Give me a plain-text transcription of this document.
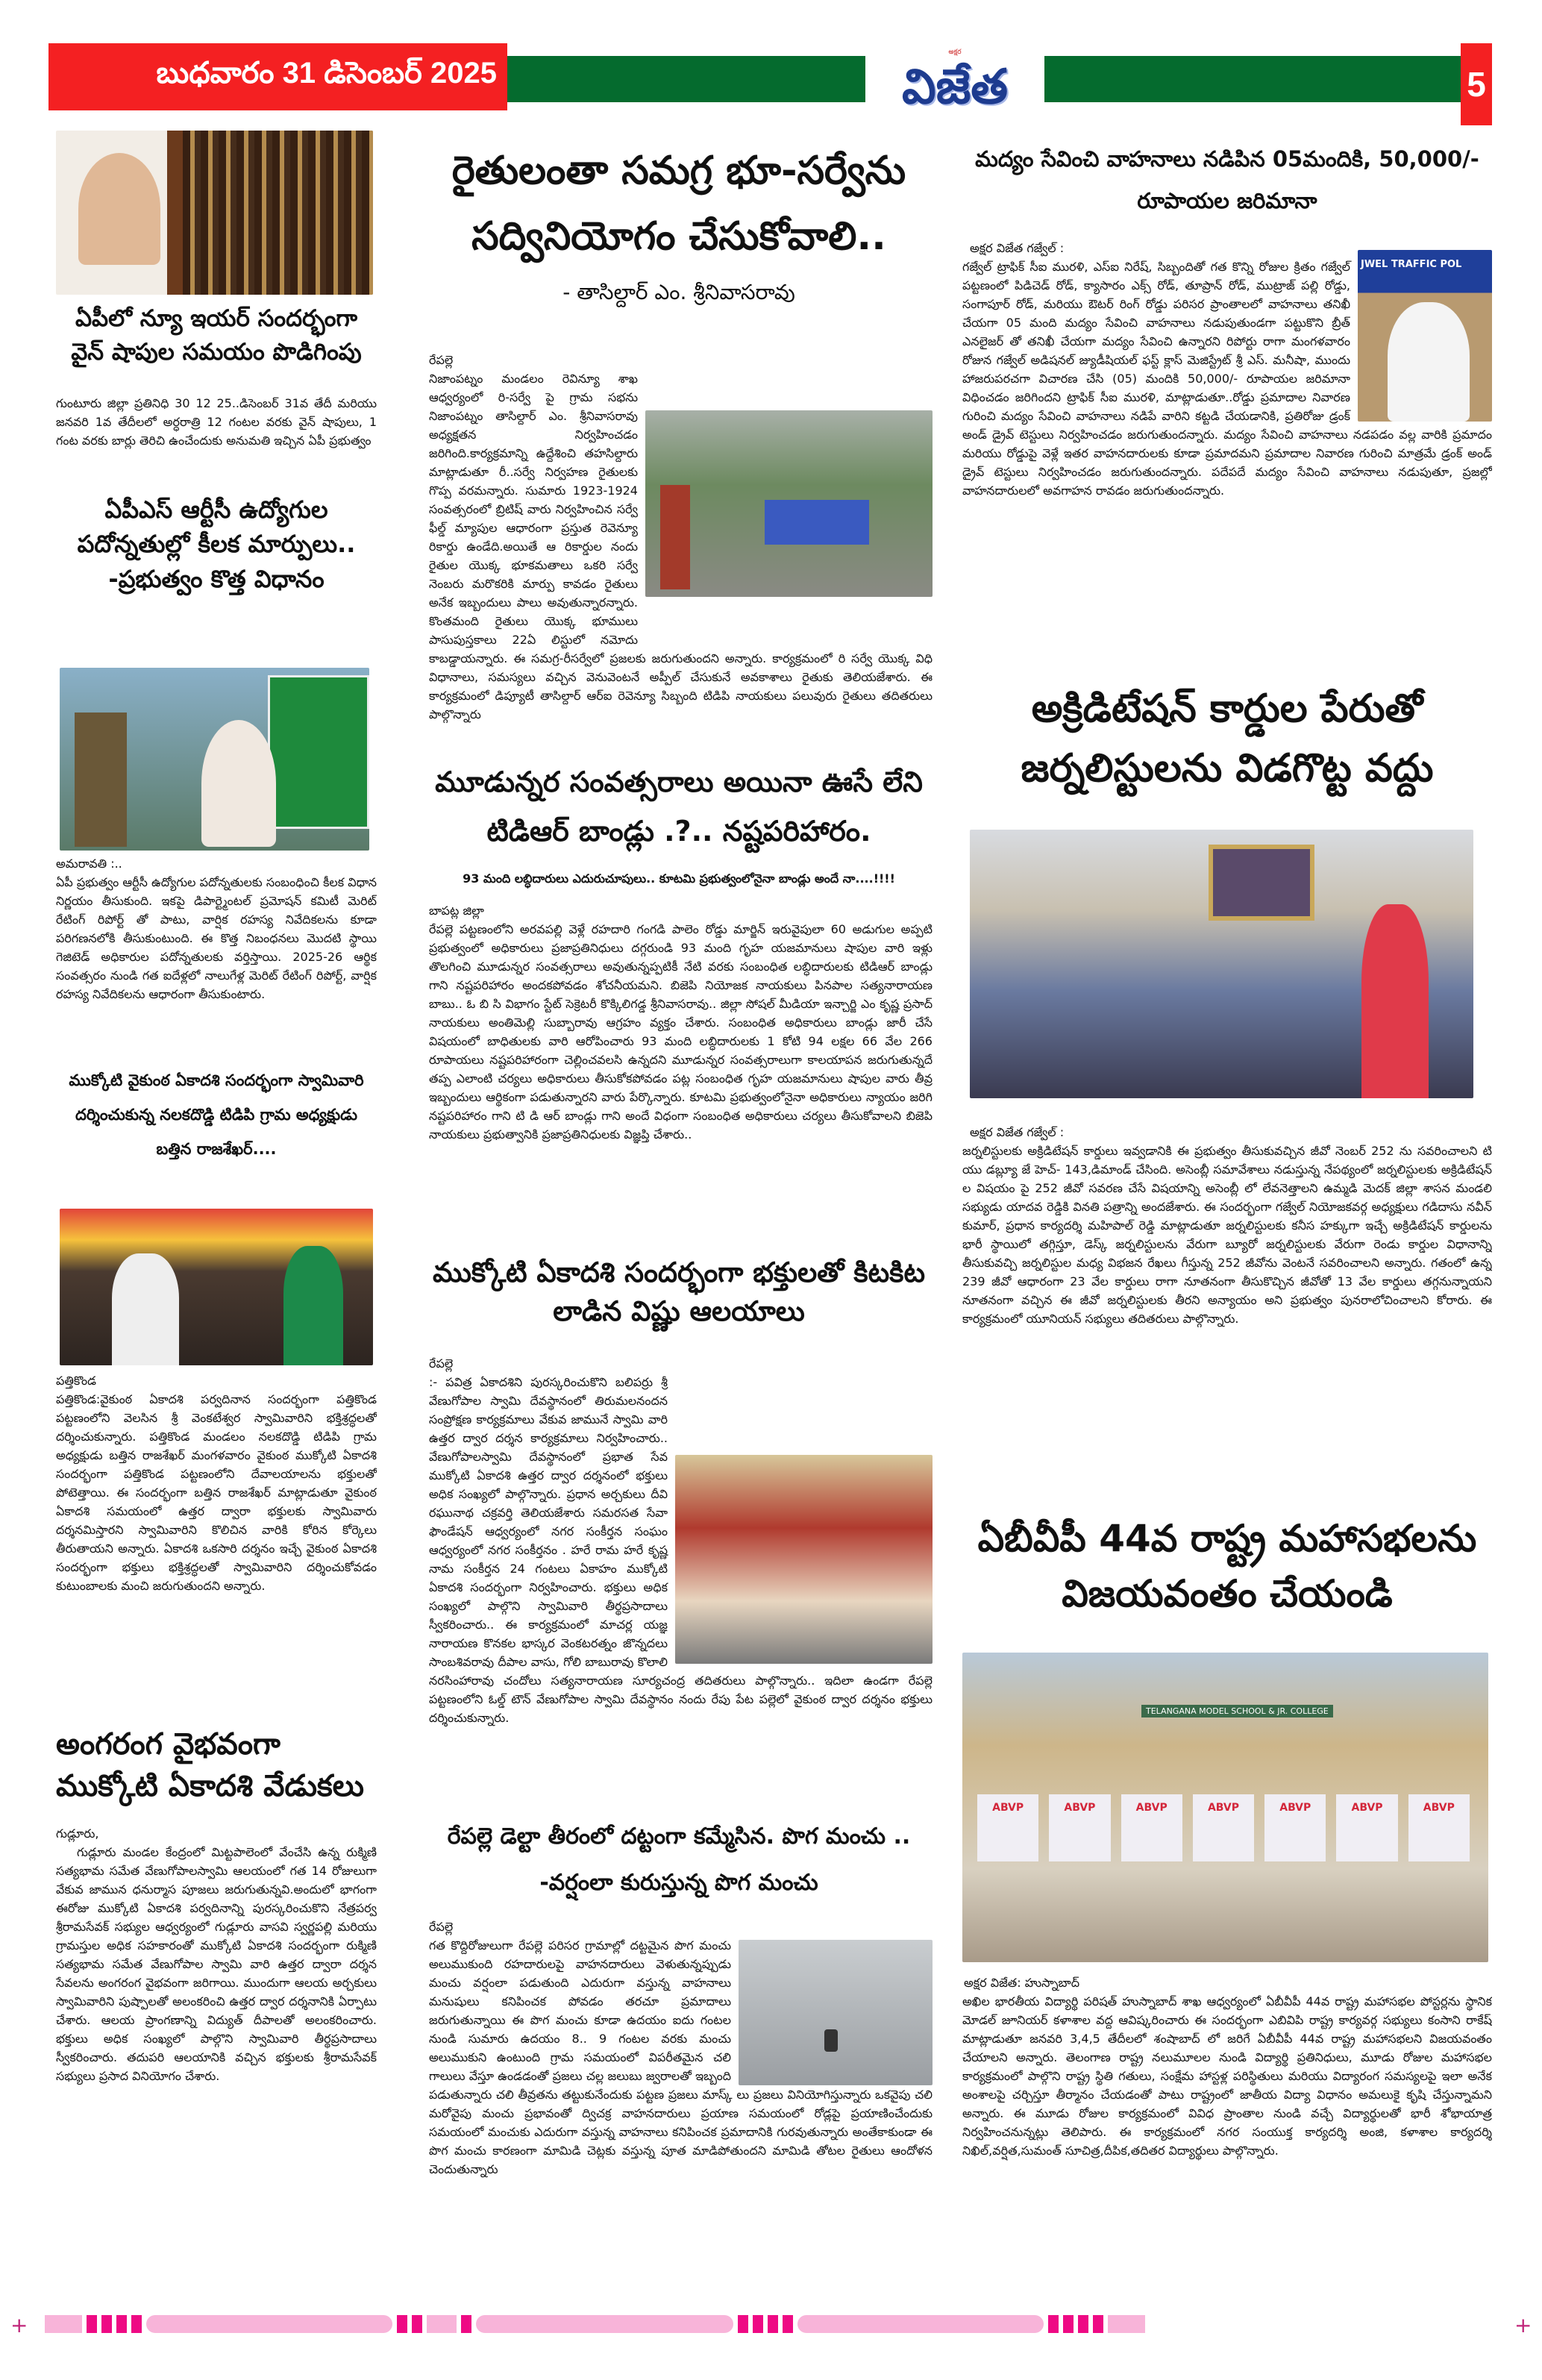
బుధవారం 31 డిసెంబర్ 2025
అక్షర
విజేత	5
ఏపీలో న్యూ ఇయర్ సందర్భంగా వైన్ షాపుల సమయం పొడిగింపు
గుంటూరు జిల్లా ప్రతినిధి 30 12 25..డిసెంబర్ 31వ తేదీ మరియు జనవరి 1వ తేదీలలో అర్ధరాత్రి 12 గంటల వరకు వైన్ షాపులు, 1 గంట వరకు బార్లు తెరిచి ఉంచేందుకు అనుమతి ఇచ్చిన ఏపీ ప్రభుత్వం
ఏపీఎస్ ఆర్టీసీ ఉద్యోగుల పదోన్నతుల్లో కీలక మార్పులు.. -ప్రభుత్వం కొత్త విధానం
అమరావతి :..
ఏపీ ప్రభుత్వం ఆర్టీసీ ఉద్యోగుల పదోన్నతులకు సంబంధించి కీలక విధాన నిర్ణయం తీసుకుంది. ఇకపై డిపార్ట్మెంటల్ ప్రమోషన్ కమిటీ మెరిట్ రేటింగ్ రిపోర్ట్ తో పాటు, వార్షిక రహస్య నివేదికలను కూడా పరిగణనలోకి తీసుకుంటుంది. ఈ కొత్త నిబంధనలు మొదటి స్థాయి గెజిటెడ్ అధికారుల పదోన్నతులకు వర్తిస్తాయి. 2025-26 ఆర్థిక సంవత్సరం నుండి గత ఐదేళ్లలో నాలుగేళ్ల మెరిట్ రేటింగ్ రిపోర్ట్, వార్షిక రహస్య నివేదికలను ఆధారంగా తీసుకుంటారు.
ముక్కోటి వైకుంఠ ఏకాదశి సందర్భంగా స్వామివారి దర్శించుకున్న నలకదొడ్డి టిడిపి గ్రామ అధ్యక్షుడు బత్తిన రాజశేఖర్....
పత్తికొండ
పత్తికొండ:వైకుంఠ ఏకాదశి పర్వదినాన సందర్భంగా పత్తికొండ పట్టణంలోని వెలసిన శ్రీ వెంకటేశ్వర స్వామివారిని భక్తిశ్రద్ధలతో దర్శించుకున్నారు. పత్తికొండ మండలం నలకదొడ్డి టిడిపి గ్రామ అధ్యక్షుడు బత్తిన రాజశేఖర్ మంగళవారం వైకుంఠ ముక్కోటి ఏకాదశి సందర్భంగా పత్తికొండ పట్టణంలోని దేవాలయాలను భక్తులతో పోటెత్తాయి. ఈ సందర్భంగా బత్తిన రాజశేఖర్ మాట్లాడుతూ వైకుంఠ ఏకాదశి సమయంలో ఉత్తర ద్వారా భక్తులకు స్వామివారు దర్శనమిస్తారని స్వామివారిని కొలిచిన వారికి కోరిన కోర్కెలు తీరుతాయని అన్నారు. ఏకాదశి ఒకసారి దర్శనం ఇచ్చే వైకుంఠ ఏకాదశి సందర్భంగా భక్తులు భక్తిశ్రద్ధలతో స్వామివారిని దర్శించుకోవడం కుటుంబాలకు మంచి జరుగుతుందని అన్నారు.
అంగరంగ వైభవంగా ముక్కోటి ఏకాదశి వేడుకలు
గుడ్లూరు,
గుడ్లూరు మండల కేంద్రంలో మిట్టపాలెంలో వేంచేసి ఉన్న రుక్మిణి సత్యభామ సమేత వేణుగోపాలస్వామి ఆలయంలో గత 14 రోజులుగా వేకువ జామున ధనుర్మాస పూజలు జరుగుతున్నవి.అందులో భాగంగా ఈరోజు ముక్కోటి ఏకాదశి పర్వదినాన్ని పురస్కరించుకొని నేత్రపర్వ శ్రీరామసేవక్ సభ్యుల ఆధ్వర్యంలో గుడ్లూరు వాసవి స్వర్ణపల్లి మరియు గ్రామస్తుల అధిక సహకారంతో ముక్కోటి ఏకాదశి సందర్భంగా రుక్మిణి సత్యభామ సమేత వేణుగోపాల స్వామి వారి ఉత్తర ద్వారా దర్శన సేవలను అంగరంగ వైభవంగా జరిగాయి. ముందుగా ఆలయ అర్చకులు స్వామివారిని పుష్పాలతో అలంకరించి ఉత్తర ద్వార దర్శనానికి ఏర్పాటు చేశారు. ఆలయ ప్రాంగణాన్ని విద్యుత్ దీపాలతో అలంకరించారు. భక్తులు అధిక సంఖ్యలో పాల్గొని స్వామివారి తీర్థప్రసాదాలు స్వీకరించారు. తదుపరి ఆలయానికి వచ్చిన భక్తులకు శ్రీరామసేవక్ సభ్యులు ప్రసాద వినియోగం చేశారు.
రైతులంతా సమగ్ర భూ-సర్వేను సద్వినియోగం చేసుకోవాలి..
- తాసిల్దార్ ఎం. శ్రీనివాసరావు
రేపల్లె
నిజాంపట్నం మండలం రెవిన్యూ శాఖ ఆధ్వర్యంలో రి-సర్వే పై గ్రామ సభను నిజాంపట్నం తాసిల్దార్ ఎం. శ్రీనివాసరావు అధ్యక్షతన నిర్వహించడం జరిగింది.కార్యక్రమాన్ని ఉద్దేశించి తహసిల్దారు మాట్లాడుతూ రీ..సర్వే నిర్వహణ రైతులకు గొప్ప వరమన్నారు. సుమారు 1923-1924 సంవత్సరంలో బ్రిటిష్ వారు నిర్వహించిన సర్వే ఫీల్డ్ మ్యాపుల ఆధారంగా ప్రస్తుత రెవెన్యూ రికార్డు ఉండేది.అయితే ఆ రికార్డుల నందు రైతుల యొక్క భూకమతాలు ఒకరి సర్వే నెంబరు మరొకరికి మార్పు కావడం రైతులు అనేక ఇబ్బందులు పాలు అవుతున్నారన్నారు. కొంతమంది రైతులు యొక్క భూములు పాసుపుస్తకాలు 22ఏ లిస్టులో నమోదు కాబడ్డాయన్నారు. ఈ సమగ్ర-రీసర్వేలో ప్రజలకు జరుగుతుందని అన్నారు. కార్యక్రమంలో రి సర్వే యొక్క విధి విధానాలు, సమస్యలు వచ్చిన వెనువెంటనే అప్పీల్ చేసుకునే అవకాశాలు రైతుకు తెలియజేశారు. ఈ కార్యక్రమంలో డిప్యూటీ తాసిల్దార్ ఆర్ఐ రెవెన్యూ సిబ్బంది టిడిపి నాయకులు పలువురు రైతులు తదితరులు పాల్గొన్నారు
మూడున్నర సంవత్సరాలు అయినా ఊసే లేని టిడిఆర్ బాండ్లు .?.. నష్టపరిహారం.
93 మంది లబ్ధిదారులు ఎదురుచూపులు.. కూటమి ప్రభుత్వంలోనైనా బాండ్లు అందే నా....!!!!
బాపట్ల జిల్లా
రేపల్లె పట్టణంలోని అరవపల్లి వెళ్లే రహదారి గంగడి పాలెం రోడ్డు మార్జిన్ ఇరువైపులా 60 అడుగుల అప్పటి ప్రభుత్వంలో అధికారులు ప్రజాప్రతినిధులు దగ్గరుండి 93 మంది గృహ యజమానులు షాపుల వారి ఇళ్లు తొలగించి మూడున్నర సంవత్సరాలు అవుతున్నప్పటికీ నేటి వరకు సంబంధిత లబ్ధిదారులకు టిడిఆర్ బాండ్లు గాని నష్టపరిహారం అందకపోవడం శోచనీయమని. బిజెపి నియోజక నాయకులు పినపాల సత్యనారాయణ బాబు.. ఓ బి సి విభాగం స్టేట్ సెక్రెటరీ కొక్కిలిగడ్డ శ్రీనివాసరావు.. జిల్లా సోషల్ మీడియా ఇన్చార్జి ఎం కృష్ణ ప్రసాద్ నాయకులు అంతిమెల్లి సుబ్బారావు ఆగ్రహం వ్యక్తం చేశారు. సంబంధిత అధికారులు బాండ్లు జారీ చేసే విషయంలో బాధితులకు వారి ఆరోపించారు 93 మంది లబ్ధిదారులకు 1 కోటి 94 లక్షల 66 వేల 266 రూపాయలు నష్టపరిహారంగా చెల్లించవలసి ఉన్నదని మూడున్నర సంవత్సరాలుగా కాలయాపన జరుగుతున్నదే తప్ప ఎలాంటి చర్యలు అధికారులు తీసుకోకపోవడం పట్ల సంబంధిత గృహ యజమానులు షాపుల వారు తీవ్ర ఇబ్బందులు ఆర్థికంగా పడుతున్నారని వారు పేర్కొన్నారు. కూటమి ప్రభుత్వంలోనైనా అధికారులు న్యాయం జరిగి నష్టపరిహారం గాని టి డి ఆర్ బాండ్లు గాని అందే విధంగా సంబంధిత అధికారులు చర్యలు తీసుకోవాలని బిజెపి నాయకులు ప్రభుత్వానికి ప్రజాప్రతినిధులకు విజ్ఞప్తి చేశారు..
ముక్కోటి ఏకాదశి సందర్భంగా భక్తులతో కిటకిట లాడిన విష్ణు ఆలయాలు
రేపల్లె
:- పవిత్ర ఏకాదశిని పురస్కరించుకొని బలిపర్రు శ్రీ వేణుగోపాల స్వామి దేవస్థానంలో తిరుమలనందన సంప్రోక్షణ కార్యక్రమాలు వేకువ జామునే స్వామి వారి ఉత్తర ద్వార దర్శన కార్యక్రమాలు నిర్వహించారు.. వేణుగోపాలస్వామి దేవస్థానంలో ప్రభాత సేవ ముక్కోటి ఏకాదశి ఉత్తర ద్వార దర్శనంలో భక్తులు అధిక సంఖ్యలో పాల్గొన్నారు. ప్రధాన అర్చకులు దీవి రఘునాథ చక్రవర్తి తెలియజేశారు సమరసత సేవా ఫౌండేషన్ ఆధ్వర్యంలో నగర సంకీర్తన సంఘం ఆధ్వర్యంలో నగర సంకీర్తనం . హరే రామ హరే కృష్ణ నామ సంకీర్తన 24 గంటలు ఏకాహం ముక్కోటి ఏకాదశి సందర్భంగా నిర్వహించారు. భక్తులు అధిక సంఖ్యలో పాల్గొని స్వామివారి తీర్థప్రసాదాలు స్వీకరించారు.. ఈ కార్యక్రమంలో మాచర్ల యజ్ఞ నారాయణ కొనకల భాస్కర వెంకటరత్నం జొన్నదలు సాంబశివరావు దీపాల వాసు, గోలి బాబురావు కొలాలి నరసింహారావు చందోలు సత్యనారాయణ సూర్యచంద్ర తదితరులు పాల్గొన్నారు.. ఇదిలా ఉండగా రేపల్లె పట్టణంలోని ఓల్డ్ టౌన్ వేణుగోపాల స్వామి దేవస్థానం నందు రేపు పేట పల్లెలో వైకుంఠ ద్వార దర్శనం భక్తులు దర్శించుకున్నారు.
రేపల్లె డెల్టా తీరంలో దట్టంగా కమ్మేసిన. పొగ మంచు ..
-వర్షంలా కురుస్తున్న పొగ మంచు
రేపల్లె
గత కొద్దిరోజులుగా రేపల్లె పరిసర గ్రామాల్లో దట్టమైన పొగ మంచు అలుముకుంది రహదారులపై వాహనదారులు వెళుతున్నప్పుడు మంచు వర్షంలా పడుతుంది ఎదురుగా వస్తున్న వాహనాలు మనుషులు కనిపించక పోవడం తరచూ ప్రమాదాలు జరుగుతున్నాయి ఈ పొగ మంచు కూడా ఉదయం ఐదు గంటల నుండి సుమారు ఉదయం 8.. 9 గంటల వరకు మంచు అలుముకుని ఉంటుంది గ్రామ సమయంలో విపరీతమైన చలి గాలులు వేస్తూ ఉండడంతో ప్రజలు చల్ల జలుబు జ్వరాలతో ఇబ్బంది పడుతున్నారు చలి తీవ్రతను తట్టుకునేందుకు పట్టణ ప్రజలు మాస్క్ లు ప్రజలు వినియోగిస్తున్నారు ఒకవైపు చలి మరోవైపు మంచు ప్రభావంతో ద్విచక్ర వాహనదారులు ప్రయాణ సమయంలో రోడ్లపై ప్రయాణించేందుకు సమయంలో మంచుకు ఎదురుగా వస్తున్న వాహనాలు కనిపించక ప్రమాదానికి గురవుతున్నారు అంతేకాకుండా ఈ పొగ మంచు కారణంగా మామిడి చెట్లకు వస్తున్న పూత మాడిపోతుందని మామిడి తోటల రైతులు ఆందోళన చెందుతున్నారు
మద్యం సేవించి వాహనాలు నడిపిన 05మందికి, 50,000/- రూపాయల జరిమానా
అక్షర విజేత గజ్వేల్ :
JWEL TRAFFIC POL
గజ్వేల్ ట్రాఫిక్ సీఐ మురళి, ఎస్ఐ నిరేష్, సిబ్బందితో గత కొన్ని రోజుల క్రితం గజ్వేల్ పట్టణంలో పిడిచెడ్ రోడ్, క్యాసారం ఎక్స్ రోడ్, తూప్రాన్ రోడ్, ముట్రాజ్ పల్లి రోడ్డు, సంగాపూర్ రోడ్, మరియు ఔటర్ రింగ్ రోడ్డు పరిసర ప్రాంతాలలో వాహనాలు తనిఖీ చేయగా 05 మంది మద్యం సేవించి వాహనాలు నడుపుతుండగా పట్టుకొని బ్రీత్ ఎనలైజర్ తో తనిఖీ చేయగా మద్యం సేవించి ఉన్నారని రిపోర్టు రాగా మంగళవారం రోజున గజ్వేల్ అడిషనల్ జ్యుడీషియల్ ఫస్ట్ క్లాస్ మెజిస్ట్రేట్ శ్రీ ఎస్. మనీషా, ముందు హాజరుపరచగా విచారణ చేసి (05) మందికి 50,000/- రూపాయల జరిమానా విధించడం జరిగిందని ట్రాఫిక్ సీఐ మురళి, మాట్లాడుతూ..రోడ్డు ప్రమాదాల నివారణ గురించి మద్యం సేవించి వాహనాలు నడిపే వారిని కట్టడి చేయడానికి, ప్రతిరోజు డ్రంక్ అండ్ డ్రైవ్ టెస్టులు నిర్వహించడం జరుగుతుందన్నారు. మద్యం సేవించి వాహనాలు నడపడం వల్ల వారికి ప్రమాదం మరియు రోడ్డుపై వెళ్లే ఇతర వాహనదారులకు కూడా ప్రమాదమని ప్రమాదాల నివారణ గురించి మాత్రమే డ్రంక్ అండ్ డ్రైవ్ టెస్టులు నిర్వహించడం జరుగుతుందన్నారు. పదేపదే మద్యం సేవించి వాహనాలు నడుపుతూ, ప్రజల్లో వాహనదారులలో అవగాహన రావడం జరుగుతుందన్నారు.
అక్రిడిటేషన్ కార్డుల పేరుతో జర్నలిస్టులను విడగొట్ట వద్దు
అక్షర విజేత గజ్వేల్ :
జర్నలిస్టులకు అక్రిడిటేషన్ కార్డులు ఇవ్వడానికి ఈ ప్రభుత్వం తీసుకువచ్చిన జీవో నెంబర్ 252 ను సవరించాలని టి యు డబ్ల్యూ జే హెచ్- 143,డిమాండ్ చేసింది. అసెంబ్లీ సమావేశాలు నడుస్తున్న నేపథ్యంలో జర్నలిస్టులకు అక్రిడిటేషన్ ల విషయం పై 252 జీవో సవరణ చేసే విషయాన్ని అసెంబ్లీ లో లేవనెత్తాలని ఉమ్మడి మెదక్ జిల్లా శాసన మండలి సభ్యుడు యాదవ రెడ్డికి వినతి పత్రాన్ని అందజేశారు. ఈ సందర్భంగా గజ్వేల్ నియోజకవర్గ అధ్యక్షులు గడిదాసు నవీన్ కుమార్, ప్రధాన కార్యదర్శి మహిపాల్ రెడ్డి మాట్లాడుతూ జర్నలిస్టులకు కనీస హక్కుగా ఇచ్చే అక్రిడిటేషన్ కార్డులను భారీ స్థాయిలో తగ్గిస్తూ, డెస్క్ జర్నలిస్టులను వేరుగా బ్యూరో జర్నలిస్టులకు వేరుగా రెండు కార్డుల విధానాన్ని తీసుకువచ్చి జర్నలిస్టుల మధ్య విభజన రేఖలు గీస్తున్న 252 జీవోను వెంటనే సవరించాలని అన్నారు. గతంలో ఉన్న 239 జీవో ఆధారంగా 23 వేల కార్డులు రాగా నూతనంగా తీసుకొచ్చిన జీవోతో 13 వేల కార్డులు తగ్గనున్నాయని నూతనంగా వచ్చిన ఈ జీవో జర్నలిస్టులకు తీరని అన్యాయం అని ప్రభుత్వం పునరాలోచించాలని కోరారు. ఈ కార్యక్రమంలో యూనియన్ సభ్యులు తదితరులు పాల్గొన్నారు.
ఏబీవీపీ 44వ రాష్ట్ర మహాసభలను విజయవంతం చేయండి
TELANGANA MODEL SCHOOL & JR. COLLEGE
ABVP	ABVP	ABVP	ABVP	ABVP	ABVP	ABVP
అక్షర విజేత: హుస్నాబాద్
అఖిల భారతీయ విద్యార్థి పరిషత్ హుస్నాబాద్ శాఖ ఆధ్వర్యంలో ఏబీవీపీ 44వ రాష్ట్ర మహాసభల పోస్టర్లను స్థానిక మోడల్ జూనియర్ కళాశాల వద్ద ఆవిష్కరించారు ఈ సందర్భంగా ఎబివిపి రాష్ట్ర కార్యవర్గ సభ్యులు కంసాని రాకేష్ మాట్లాడుతూ జనవరి 3,4,5 తేదీలలో శంషాబాద్ లో జరిగే ఏబీవీపీ 44వ రాష్ట్ర మహాసభలని విజయవంతం చేయాలని అన్నారు. తెలంగాణ రాష్ట్ర నలుమూలల నుండి విద్యార్థి ప్రతినిధులు, మూడు రోజుల మహాసభల కార్యక్రమంలో పాల్గొని రాష్ట్ర స్థితి గతులు, సంక్షేమ హాస్టళ్ల పరిస్థితులు మరియు విద్యారంగ సమస్యలపై ఇలా అనేక అంశాలపై చర్చిస్తూ తీర్మానం చేయడంతో పాటు రాష్ట్రంలో జాతీయ విద్యా విధానం అమలుకై కృషి చేస్తున్నామని అన్నారు. ఈ మూడు రోజుల కార్యక్రమంలో వివిధ ప్రాంతాల నుండి వచ్చే విద్యార్థులతో భారీ శోభాయాత్ర నిర్వహించనున్నట్లు తెలిపారు. ఈ కార్యక్రమంలో నగర సంయుక్త కార్యదర్శి అంజి, కళాశాల కార్యదర్శి నిఖిల్,వర్షిత,సుమంత్ సూచిత్ర,దీపిక,తదితర విద్యార్థులు పాల్గొన్నారు.
+	+
